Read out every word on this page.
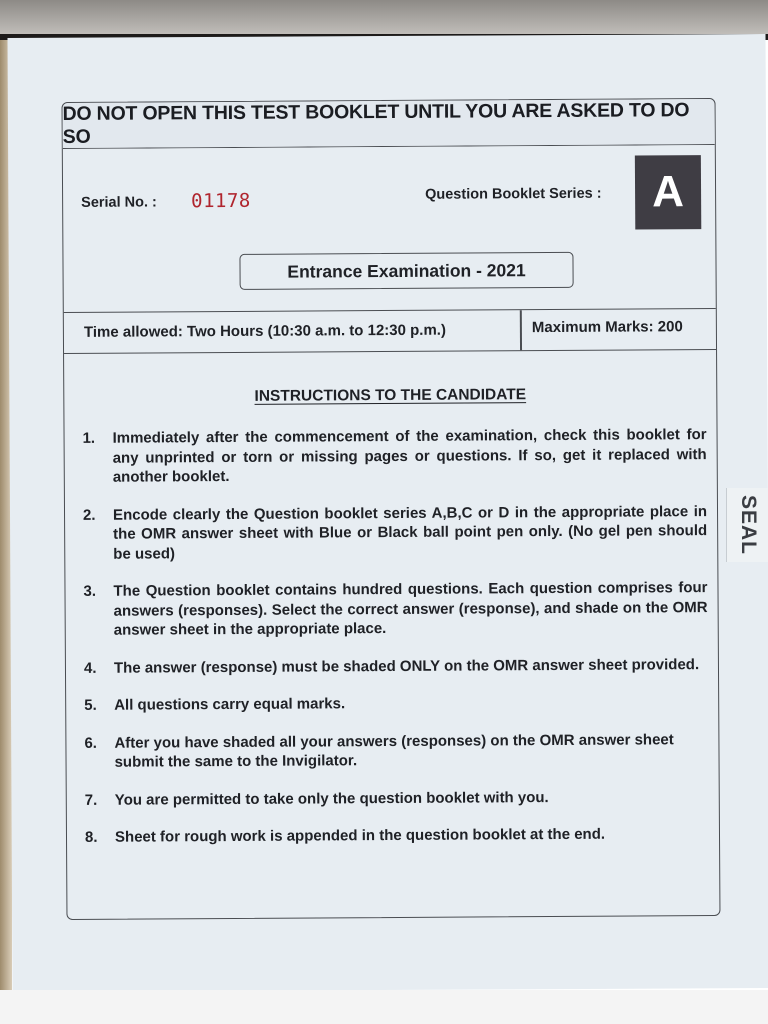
SEAL
DO NOT OPEN THIS TEST BOOKLET UNTIL YOU ARE ASKED TO DO SO
Serial No. : 01178	Question Booklet Series : A
Entrance Examination - 2021
Time allowed: Two Hours (10:30 a.m. to 12:30 p.m.)	Maximum Marks: 200
INSTRUCTIONS TO THE CANDIDATE
1.	Immediately after the commencement of the examination, check this booklet for any unprinted or torn or missing pages or questions. If so, get it replaced with another booklet.
2.	Encode clearly the Question booklet series A,B,C or D in the appropriate place in the OMR answer sheet with Blue or Black ball point pen only. (No gel pen should be used)
3.	The Question booklet contains hundred questions. Each question comprises four answers (responses). Select the correct answer (response), and shade on the OMR answer sheet in the appropriate place.
4.	The answer (response) must be shaded ONLY on the OMR answer sheet provided.
5.	All questions carry equal marks.
6.	After you have shaded all your answers (responses) on the OMR answer sheet submit the same to the Invigilator.
7.	You are permitted to take only the question booklet with you.
8.	Sheet for rough work is appended in the question booklet at the end.
